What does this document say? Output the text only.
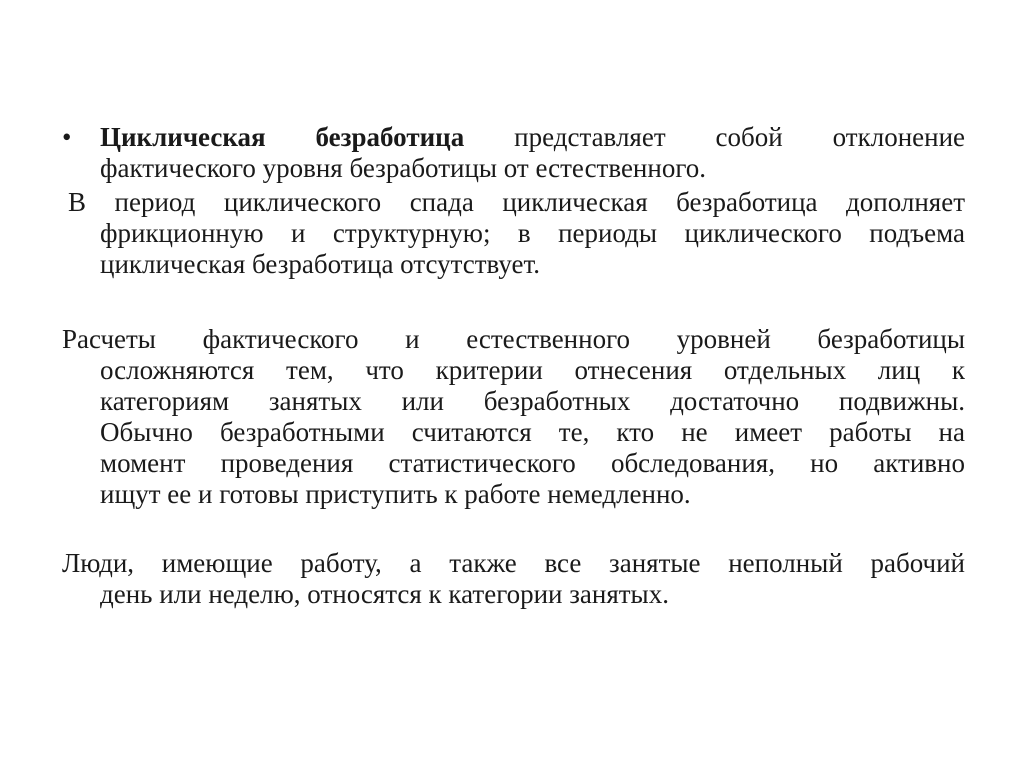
•	Циклическая безработица представляет собой отклонение
фактического уровня безработицы от естественного.
В период циклического спада циклическая безработица дополняет
фрикционную и структурную; в периоды циклического подъема
циклическая безработица отсутствует.
Расчеты фактического и естественного уровней безработицы
осложняются тем, что критерии отнесения отдельных лиц к
категориям занятых или безработных достаточно подвижны.
Обычно безработными считаются те, кто не имеет работы на
момент проведения статистического обследования, но активно
ищут ее и готовы приступить к работе немедленно.
Люди, имеющие работу, а также все занятые неполный рабочий
день или неделю, относятся к категории занятых.
